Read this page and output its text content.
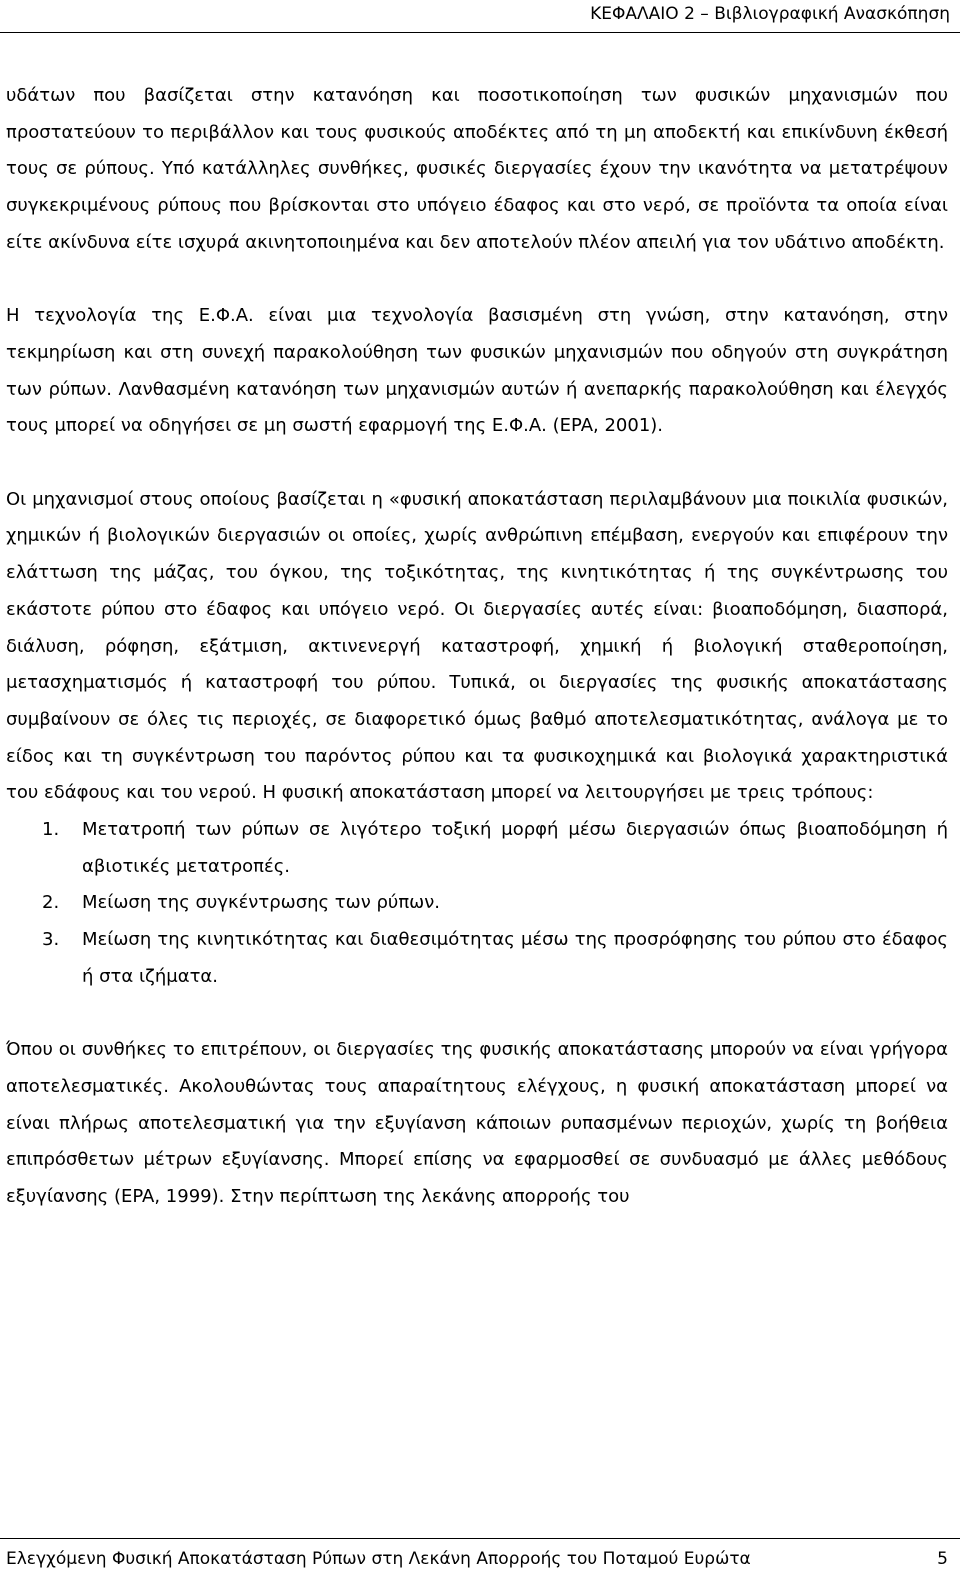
ΚΕΦΑΛΑΙΟ 2 – Βιβλιογραφική Ανασκόπηση

υδάτων που βασίζεται στην κατανόηση και ποσοτικοποίηση των φυσικών μηχανισμών που προστατεύουν το περιβάλλον και τους φυσικούς αποδέκτες από τη μη αποδεκτή και επικίνδυνη έκθεσή τους σε ρύπους. Υπό κατάλληλες συνθήκες, φυσικές διεργασίες έχουν την ικανότητα να μετατρέψουν συγκεκριμένους ρύπους που βρίσκονται στο υπόγειο έδαφος και στο νερό, σε προϊόντα τα οποία είναι είτε ακίνδυνα είτε ισχυρά ακινητοποιημένα και δεν αποτελούν πλέον απειλή για τον υδάτινο αποδέκτη.

Η τεχνολογία της Ε.Φ.Α. είναι μια τεχνολογία βασισμένη στη γνώση, στην κατανόηση, στην τεκμηρίωση και στη συνεχή παρακολούθηση των φυσικών μηχανισμών που οδηγούν στη συγκράτηση των ρύπων. Λανθασμένη κατανόηση των μηχανισμών αυτών ή ανεπαρκής παρακολούθηση και έλεγχός τους μπορεί να οδηγήσει σε μη σωστή εφαρμογή της Ε.Φ.Α. (EPA, 2001).

Οι μηχανισμοί στους οποίους βασίζεται η «φυσική αποκατάσταση περιλαμβάνουν μια ποικιλία φυσικών, χημικών ή βιολογικών διεργασιών οι οποίες, χωρίς ανθρώπινη επέμβαση, ενεργούν και επιφέρουν την ελάττωση της μάζας, του όγκου, της τοξικότητας, της κινητικότητας ή της συγκέντρωσης του εκάστοτε ρύπου στο έδαφος και υπόγειο νερό. Οι διεργασίες αυτές είναι: βιοαποδόμηση, διασπορά, διάλυση, ρόφηση, εξάτμιση, ακτινενεργή καταστροφή, χημική ή βιολογική σταθεροποίηση, μετασχηματισμός ή καταστροφή του ρύπου. Τυπικά, οι διεργασίες της φυσικής αποκατάστασης συμβαίνουν σε όλες τις περιοχές, σε διαφορετικό όμως βαθμό αποτελεσματικότητας, ανάλογα με το είδος και τη συγκέντρωση του παρόντος ρύπου και τα φυσικοχημικά και βιολογικά χαρακτηριστικά του εδάφους και του νερού. Η φυσική αποκατάσταση μπορεί να λειτουργήσει με τρεις τρόπους:

1. Μετατροπή των ρύπων σε λιγότερο τοξική μορφή μέσω διεργασιών όπως βιοαποδόμηση ή αβιοτικές μετατροπές.
2. Μείωση της συγκέντρωσης των ρύπων.
3. Μείωση της κινητικότητας και διαθεσιμότητας μέσω της προσρόφησης του ρύπου στο έδαφος ή στα ιζήματα.

Όπου οι συνθήκες το επιτρέπουν, οι διεργασίες της φυσικής αποκατάστασης μπορούν να είναι γρήγορα αποτελεσματικές. Ακολουθώντας τους απαραίτητους ελέγχους, η φυσική αποκατάσταση μπορεί να είναι πλήρως αποτελεσματική για την εξυγίανση κάποιων ρυπασμένων περιοχών, χωρίς τη βοήθεια επιπρόσθετων μέτρων εξυγίανσης. Μπορεί επίσης να εφαρμοσθεί σε συνδυασμό με άλλες μεθόδους εξυγίανσης (EPA, 1999). Στην περίπτωση της λεκάνης απορροής του

Ελεγχόμενη Φυσική Αποκατάσταση Ρύπων στη Λεκάνη Απορροής του Ποταμού Ευρώτα	5
